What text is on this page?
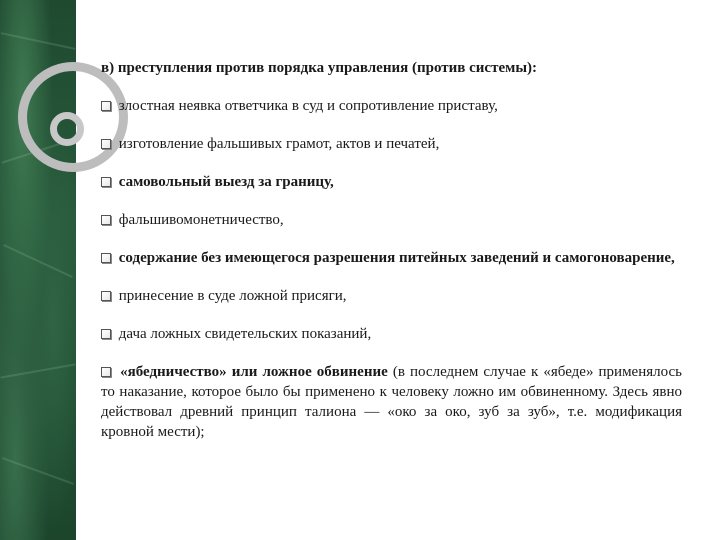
в) преступления против порядка управления (против системы):

злостная неявка ответчика в суд и сопротивление приставу,

изготовление фальшивых грамот, актов и печатей,

самовольный выезд за границу,

фальшивомонетничество,

содержание без имеющегося разрешения питейных заведений и самогоноварение,

принесение в суде ложной присяги,

дача ложных свидетельских показаний,

«ябедничество» или ложное обвинение (в последнем случае к «ябеде» применялось то наказание, которое было бы применено к человеку ложно им обвиненному. Здесь явно действовал древний принцип талиона — «око за око, зуб за зуб», т.е. модификация кровной мести);
